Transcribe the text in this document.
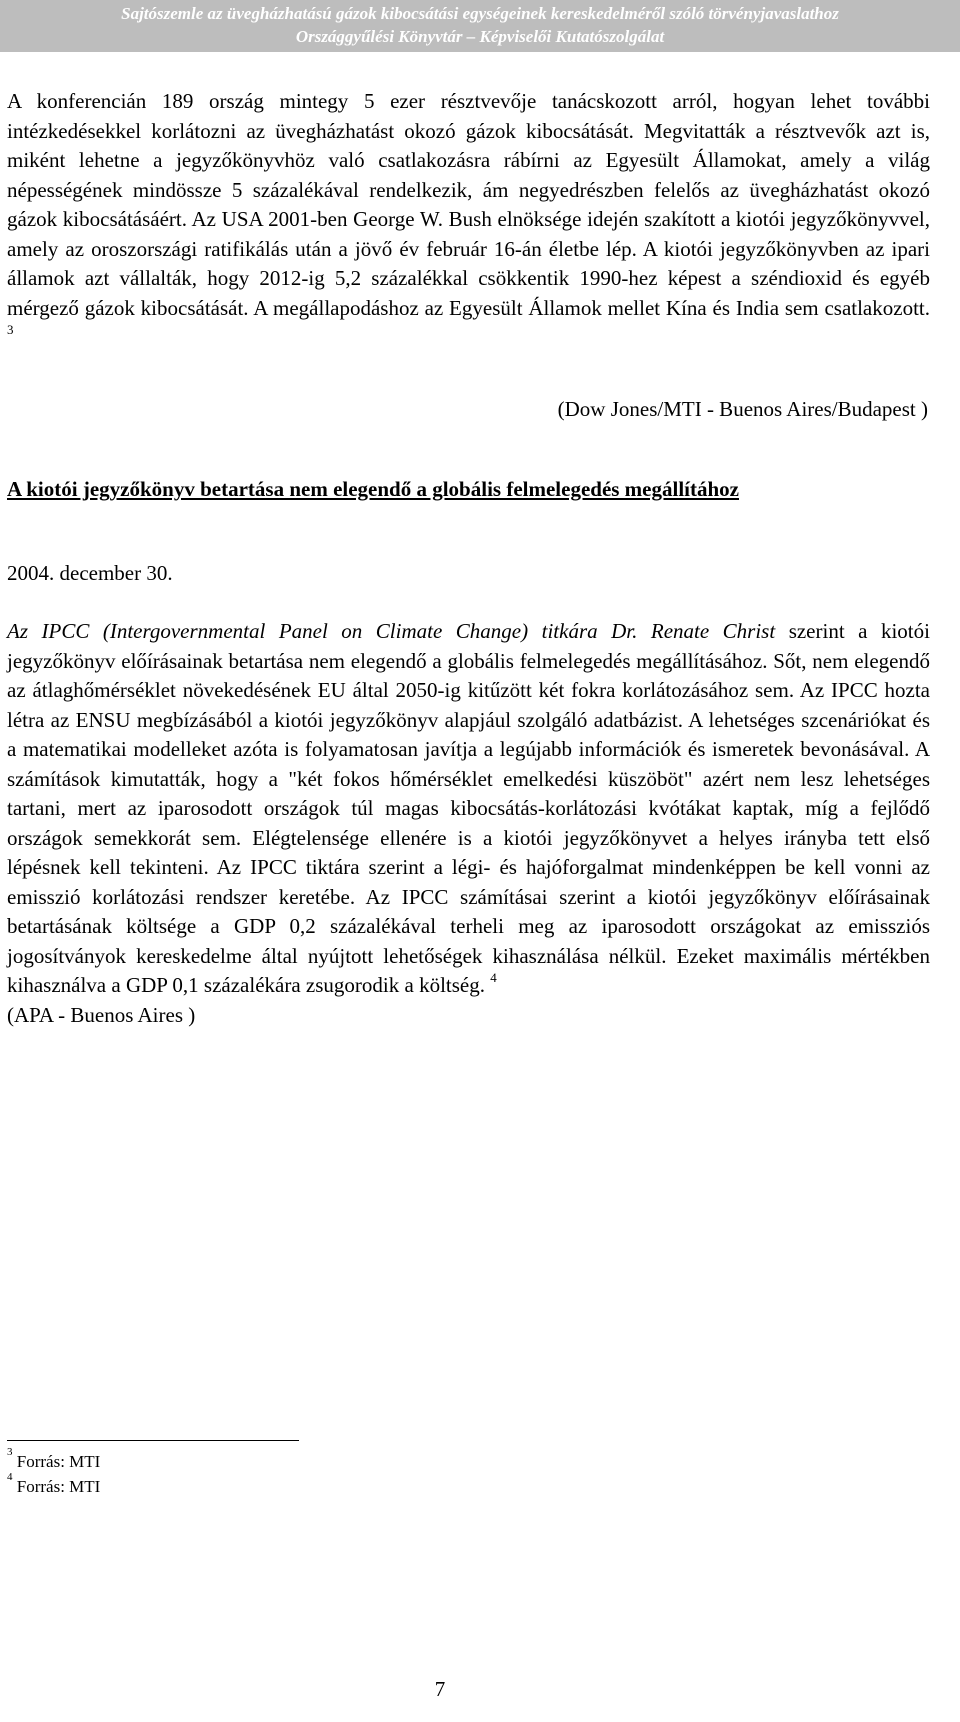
Sajtószemle az üvegházhatású gázok kibocsátási egységeinek kereskedelméről szóló törvényjavaslathoz
Országgyűlési Könyvtár – Képviselői Kutatószolgálat
A konferencián 189 ország mintegy 5 ezer résztvevője tanácskozott arról, hogyan lehet további intézkedésekkel korlátozni az üvegházhatást okozó gázok kibocsátását. Megvitatták a résztvevők azt is, miként lehetne a jegyzőkönyvhöz való csatlakozásra rábírni az Egyesült Államokat, amely a világ népességének mindössze 5 százalékával rendelkezik, ám negyedrészben felelős az üvegházhatást okozó gázok kibocsátásáért. Az USA 2001-ben George W. Bush elnöksége idején szakított a kiotói jegyzőkönyvvel, amely az oroszországi ratifikálás után a jövő év február 16-án életbe lép. A kiotói jegyzőkönyvben az ipari államok azt vállalták, hogy 2012-ig 5,2 százalékkal csökkentik 1990-hez képest a széndioxid és egyéb mérgező gázok kibocsátását. A megállapodáshoz az Egyesült Államok mellet Kína és India sem csatlakozott. $^3$
(Dow Jones/MTI - Buenos Aires/Budapest )
A kiotói jegyzőkönyv betartása nem elegendő a globális felmelegedés megállítához
2004. december 30.
Az IPCC (Intergovernmental Panel on Climate Change) titkára Dr. Renate Christ szerint a kiotói jegyzőkönyv előírásainak betartása nem elegendő a globális felmelegedés megállításához. Sőt, nem elegendő az átlaghőmérséklet növekedésének EU által 2050-ig kitűzött két fokra korlátozásához sem. Az IPCC hozta létra az ENSU megbízásából a kiotói jegyzőkönyv alapjául szolgáló adatbázist. A lehetséges szcenáriókat és a matematikai modelleket azóta is folyamatosan javítja a legújabb információk és ismeretek bevonásával. A számítások kimutatták, hogy a "két fokos hőmérséklet emelkedési küszöböt" azért nem lesz lehetséges tartani, mert az iparosodott országok túl magas kibocsátás-korlátozási kvótákat kaptak, míg a fejlődő országok semekkorát sem. Elégtelensége ellenére is a kiotói jegyzőkönyvet a helyes irányba tett első lépésnek kell tekinteni. Az IPCC tiktára szerint a légi- és hajóforgalmat mindenképpen be kell vonni az emisszió korlátozási rendszer keretébe. Az IPCC számításai szerint a kiotói jegyzőkönyv előírásainak betartásának költsége a GDP 0,2 százalékával terheli meg az iparosodott országokat az emissziós jogosítványok kereskedelme által nyújtott lehetőségek kihasználása nélkül. Ezeket maximális mértékben kihasználva a GDP 0,1 százalékára zsugorodik a költség. $^4$
(APA - Buenos Aires )
$^3$ Forrás: MTI
$^4$ Forrás: MTI
7
